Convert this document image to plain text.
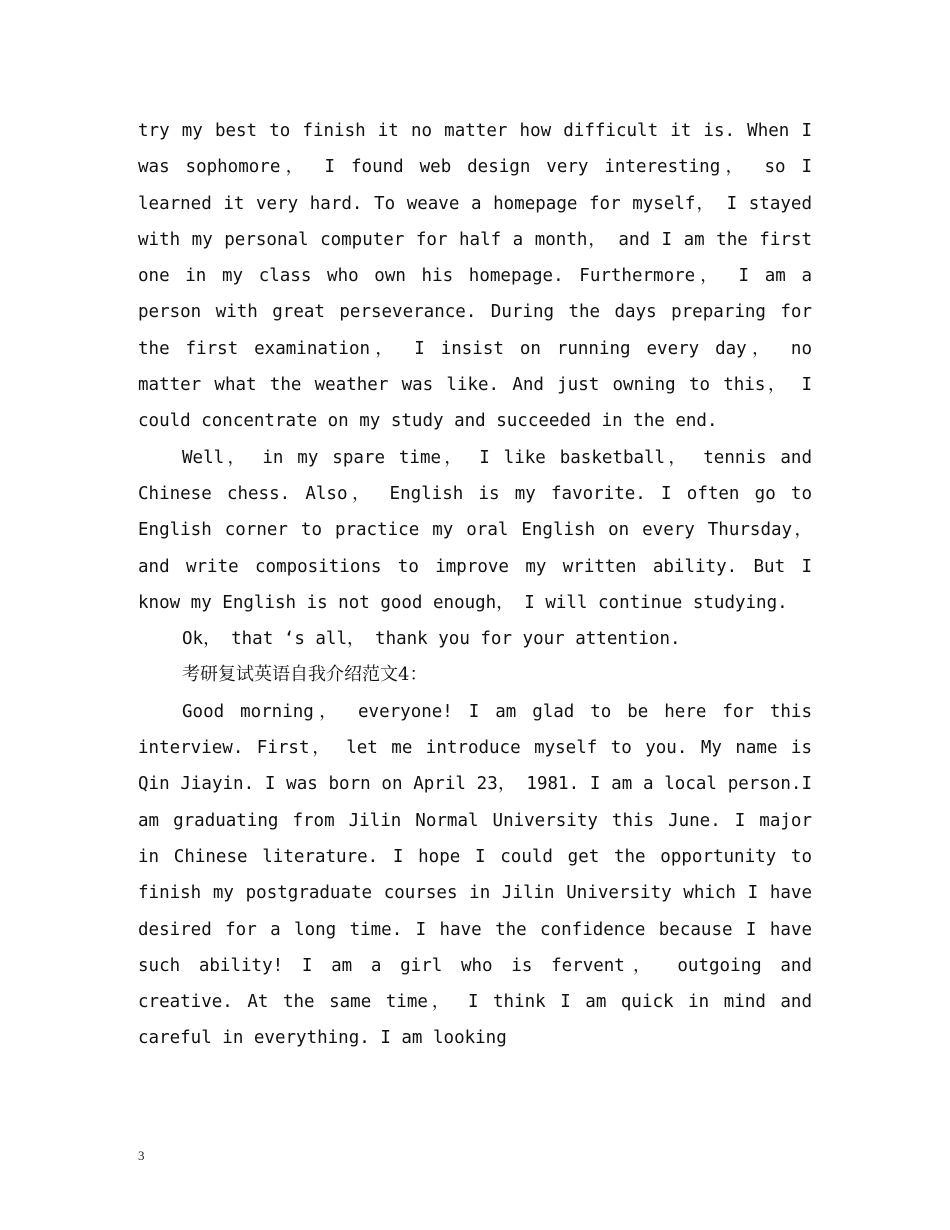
try my best to finish it no matter how difficult it is. When I was sophomore， I found web design very interesting， so I learned it very hard. To weave a homepage for myself， I stayed with my personal computer for half a month， and I am the first one in my class who own his homepage. Furthermore， I am a person with great perseverance. During the days preparing for the first examination， I insist on running every day， no matter what the weather was like. And just owning to this， I could concentrate on my study and succeeded in the end.

Well， in my spare time， I like basketball， tennis and Chinese chess. Also， English is my favorite. I often go to English corner to practice my oral English on every Thursday， and write compositions to improve my written ability. But I know my English is not good enough， I will continue studying.

Ok， that ‘s all， thank you for your attention.

考研复试英语自我介绍范文4：

Good morning， everyone! I am glad to be here for this interview. First， let me introduce myself to you. My name is Qin Jiayin. I was born on April 23， 1981. I am a local person.I am graduating from Jilin Normal University this June. I major in Chinese literature. I hope I could get the opportunity to finish my postgraduate courses in Jilin University which I have desired for a long time. I have the confidence because I have such ability! I am a girl who is fervent， outgoing and creative. At the same time， I think I am quick in mind and careful in everything. I am looking

3
